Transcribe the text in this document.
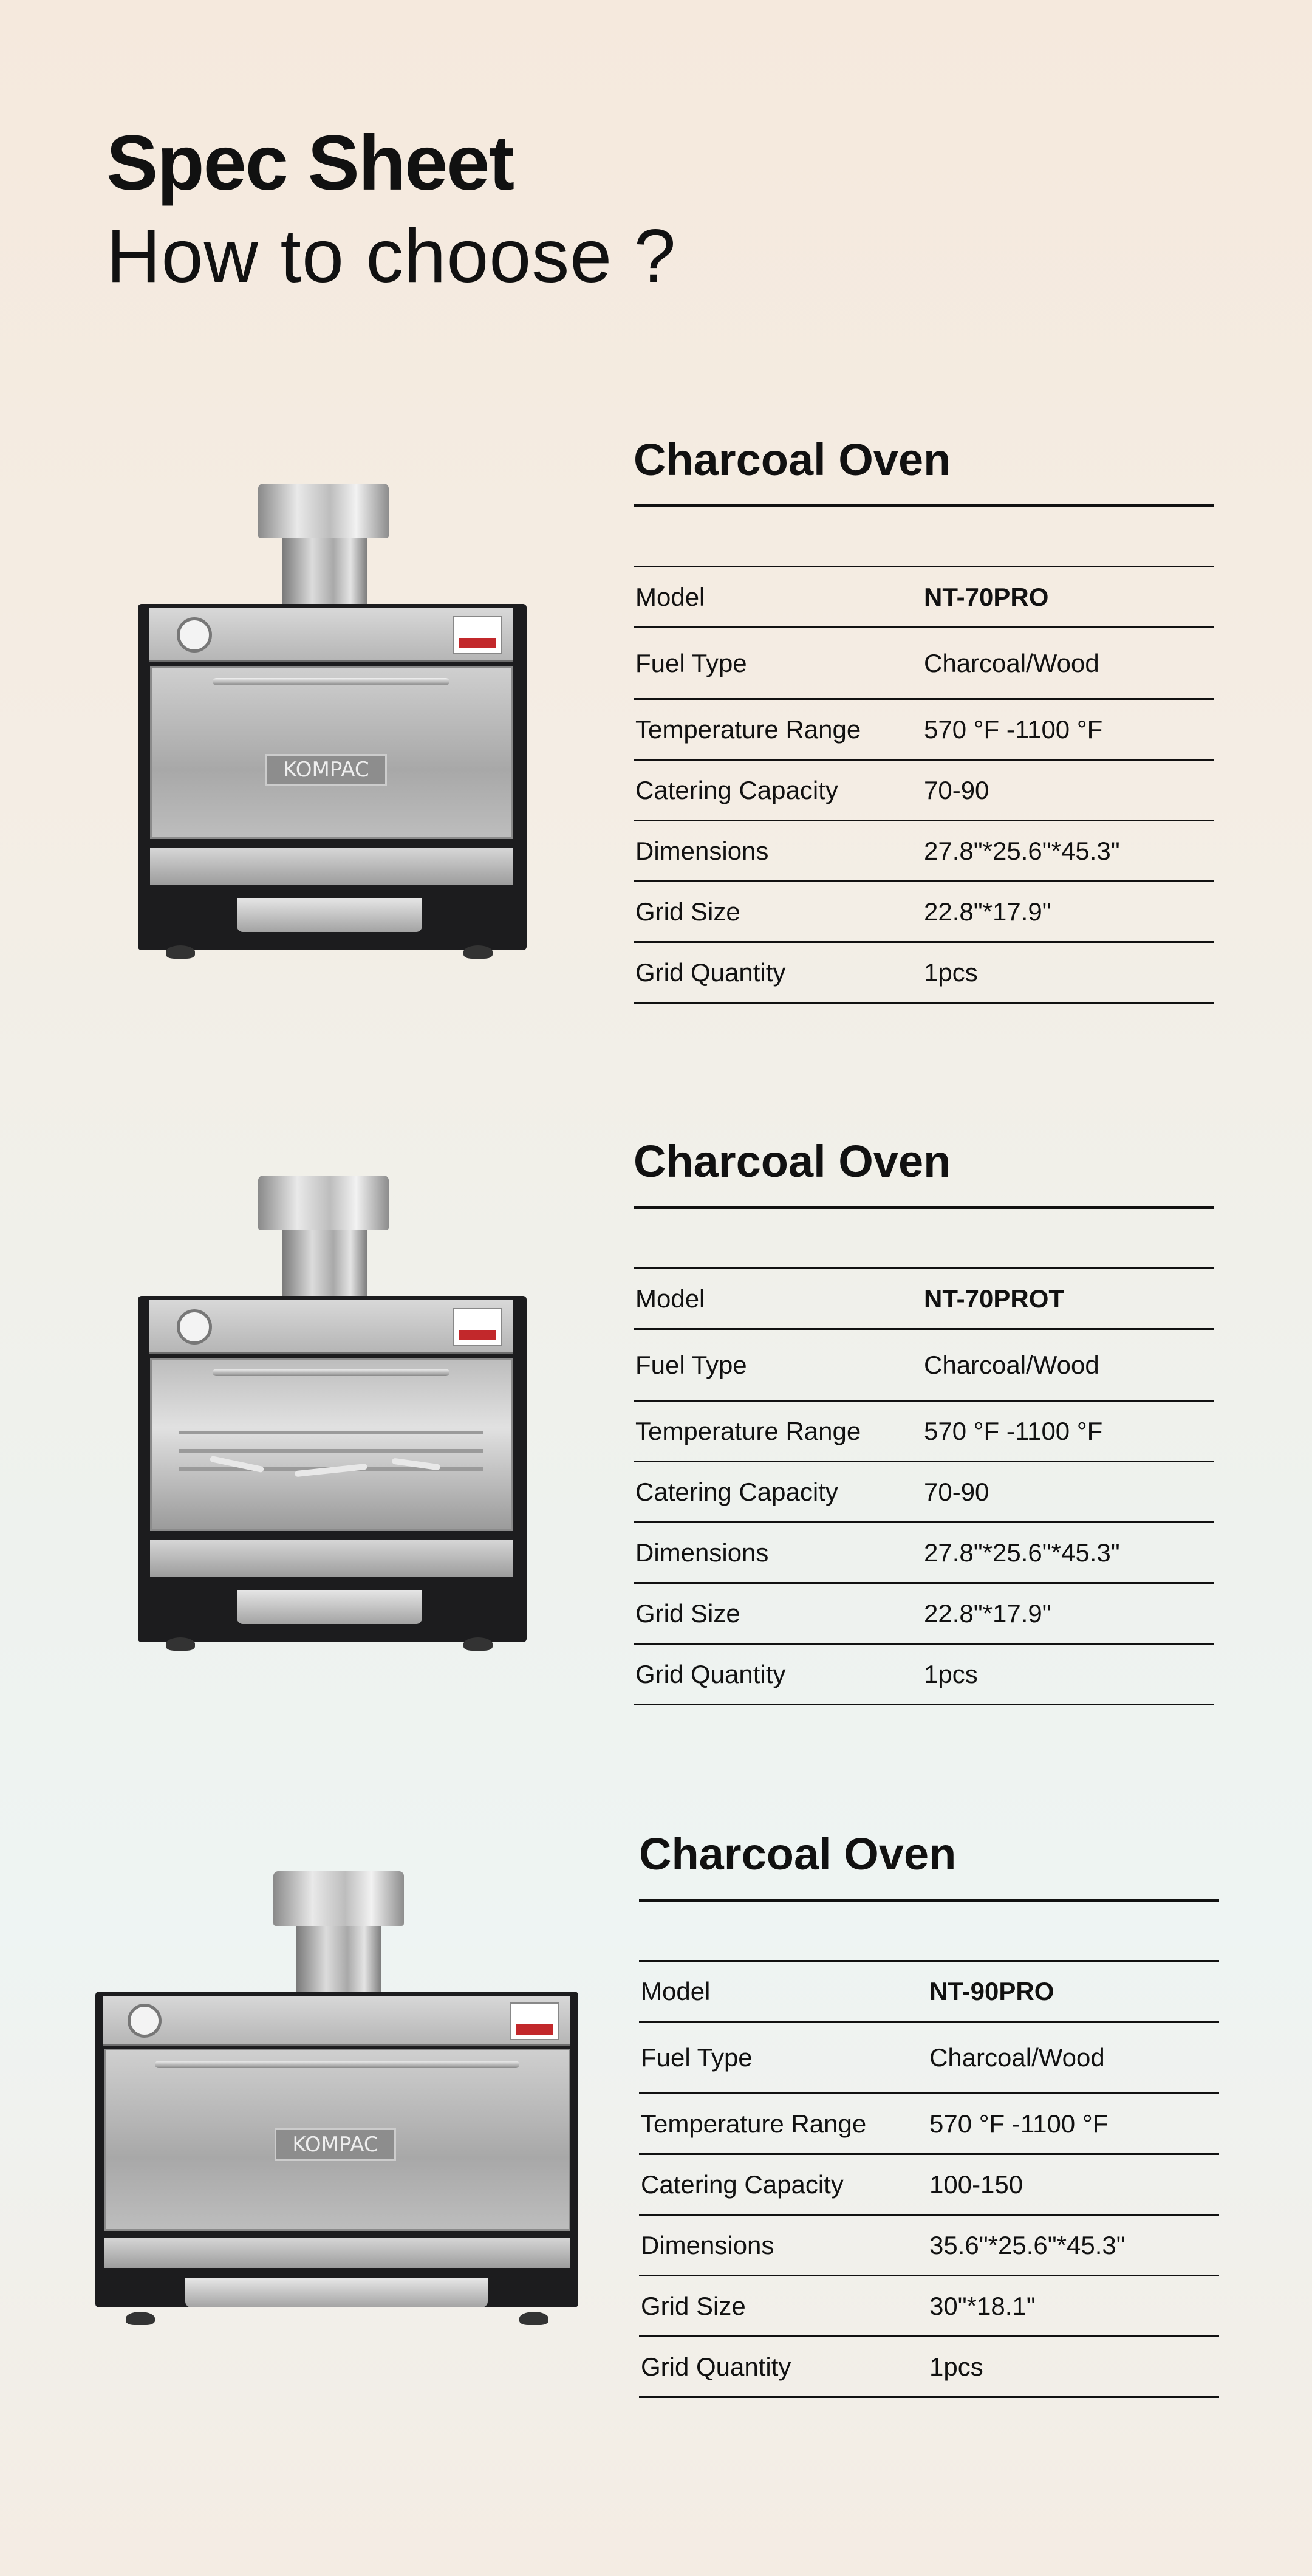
Spec Sheet
How to choose ?
KOMPAC
Charcoal Oven
Model	NT-70PRO
Fuel Type	Charcoal/Wood
Temperature Range	570 °F -1100 °F
Catering Capacity	70-90
Dimensions	27.8"*25.6"*45.3"
Grid Size	22.8"*17.9"
Grid Quantity	1pcs
Charcoal Oven
Model	NT-70PROT
Fuel Type	Charcoal/Wood
Temperature Range	570 °F -1100 °F
Catering Capacity	70-90
Dimensions	27.8"*25.6"*45.3"
Grid Size	22.8"*17.9"
Grid Quantity	1pcs
KOMPAC
Charcoal Oven
Model	NT-90PRO
Fuel Type	Charcoal/Wood
Temperature Range	570 °F -1100 °F
Catering Capacity	100-150
Dimensions	35.6"*25.6"*45.3"
Grid Size	30"*18.1"
Grid Quantity	1pcs
